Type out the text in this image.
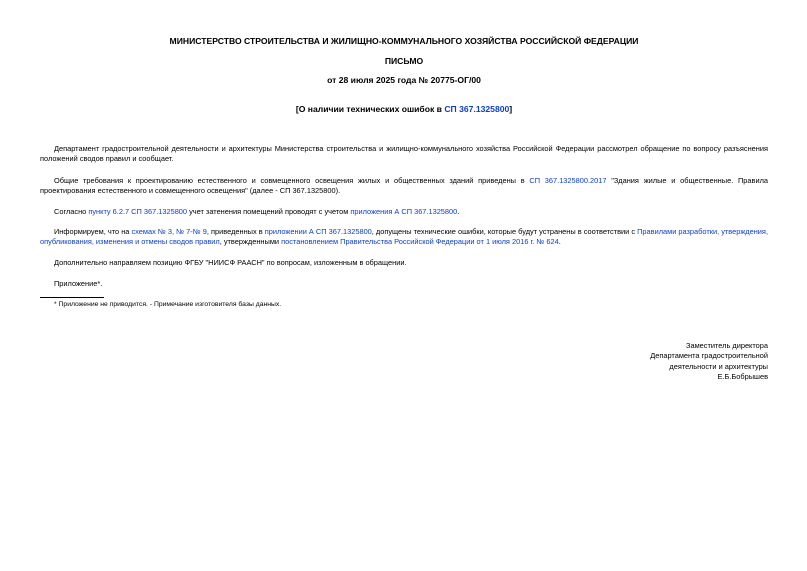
МИНИСТЕРСТВО СТРОИТЕЛЬСТВА И ЖИЛИЩНО-КОММУНАЛЬНОГО ХОЗЯЙСТВА РОССИЙСКОЙ ФЕДЕРАЦИИ
ПИСЬМО
от 28 июля 2025 года № 20775-ОГ/00
[О наличии технических ошибок в СП 367.1325800]
Департамент градостроительной деятельности и архитектуры Министерства строительства и жилищно-коммунального хозяйства Российской Федерации рассмотрел обращение по вопросу разъяснения положений сводов правил и сообщает.
Общие требования к проектированию естественного и совмещенного освещения жилых и общественных зданий приведены в СП 367.1325800.2017 "Здания жилые и общественные. Правила проектирования естественного и совмещенного освещения" (далее - СП 367.1325800).
Согласно пункту 6.2.7 СП 367.1325800 учет затенения помещений проводят с учетом приложения А СП 367.1325800.
Информируем, что на схемах № 3, № 7-№ 9, приведенных в приложении А СП 367.1325800, допущены технические ошибки, которые будут устранены в соответствии с Правилами разработки, утверждения, опубликования, изменения и отмены сводов правил, утвержденными постановлением Правительства Российской Федерации от 1 июля 2016 г. № 624.
Дополнительно направляем позицию ФГБУ "НИИСФ РААСН" по вопросам, изложенным в обращении.
Приложение*.
* Приложение не приводится. - Примечание изготовителя базы данных.
Заместитель директора
Департамента градостроительной
деятельности и архитектуры
Е.Б.Бобрышев
